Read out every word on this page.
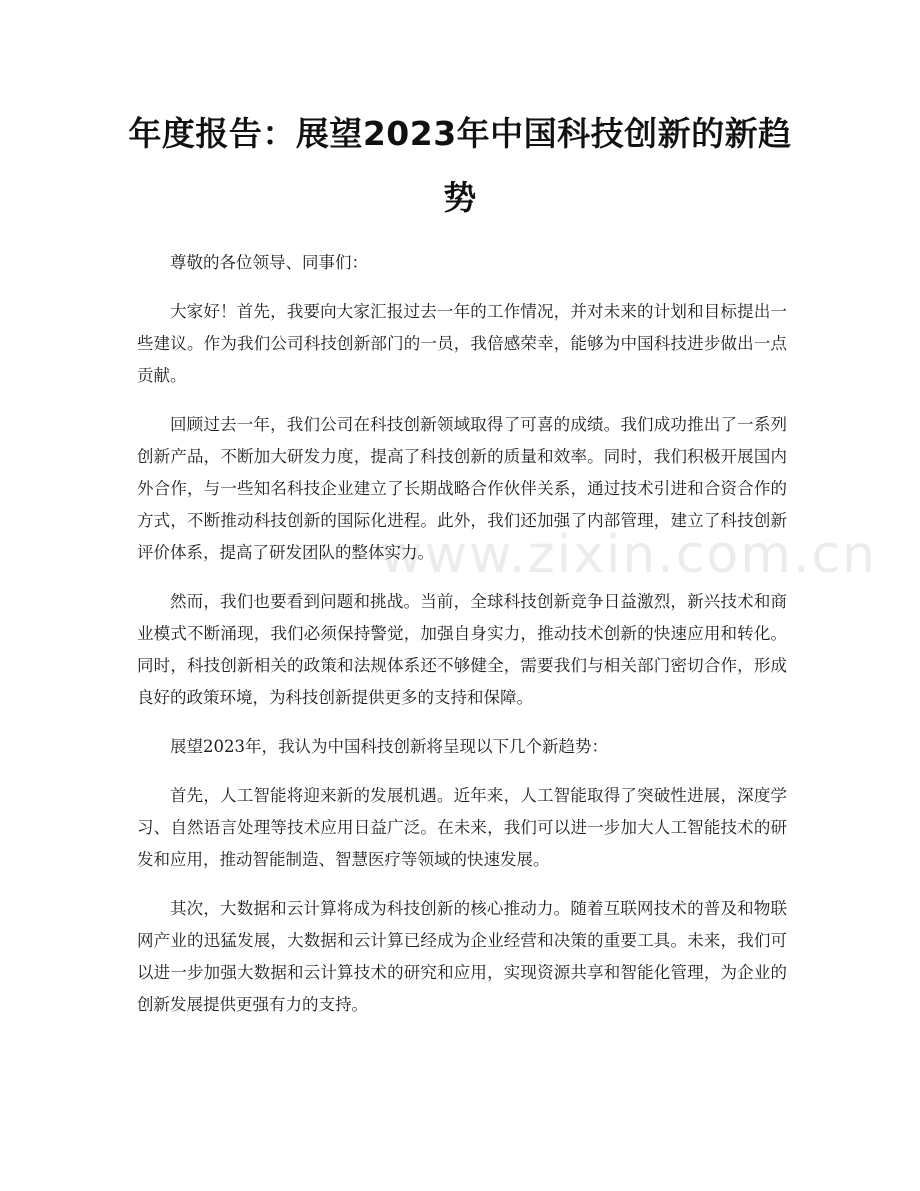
年度报告：展望2023年中国科技创新的新趋势

尊敬的各位领导、同事们：

大家好！首先，我要向大家汇报过去一年的工作情况，并对未来的计划和目标提出一些建议。作为我们公司科技创新部门的一员，我倍感荣幸，能够为中国科技进步做出一点贡献。

回顾过去一年，我们公司在科技创新领域取得了可喜的成绩。我们成功推出了一系列创新产品，不断加大研发力度，提高了科技创新的质量和效率。同时，我们积极开展国内外合作，与一些知名科技企业建立了长期战略合作伙伴关系，通过技术引进和合资合作的方式，不断推动科技创新的国际化进程。此外，我们还加强了内部管理，建立了科技创新评价体系，提高了研发团队的整体实力。

然而，我们也要看到问题和挑战。当前，全球科技创新竞争日益激烈，新兴技术和商业模式不断涌现，我们必须保持警觉，加强自身实力，推动技术创新的快速应用和转化。同时，科技创新相关的政策和法规体系还不够健全，需要我们与相关部门密切合作，形成良好的政策环境，为科技创新提供更多的支持和保障。

展望2023年，我认为中国科技创新将呈现以下几个新趋势：

首先，人工智能将迎来新的发展机遇。近年来，人工智能取得了突破性进展，深度学习、自然语言处理等技术应用日益广泛。在未来，我们可以进一步加大人工智能技术的研发和应用，推动智能制造、智慧医疗等领域的快速发展。

其次，大数据和云计算将成为科技创新的核心推动力。随着互联网技术的普及和物联网产业的迅猛发展，大数据和云计算已经成为企业经营和决策的重要工具。未来，我们可以进一步加强大数据和云计算技术的研究和应用，实现资源共享和智能化管理，为企业的创新发展提供更强有力的支持。

www.zixin.com.cn
